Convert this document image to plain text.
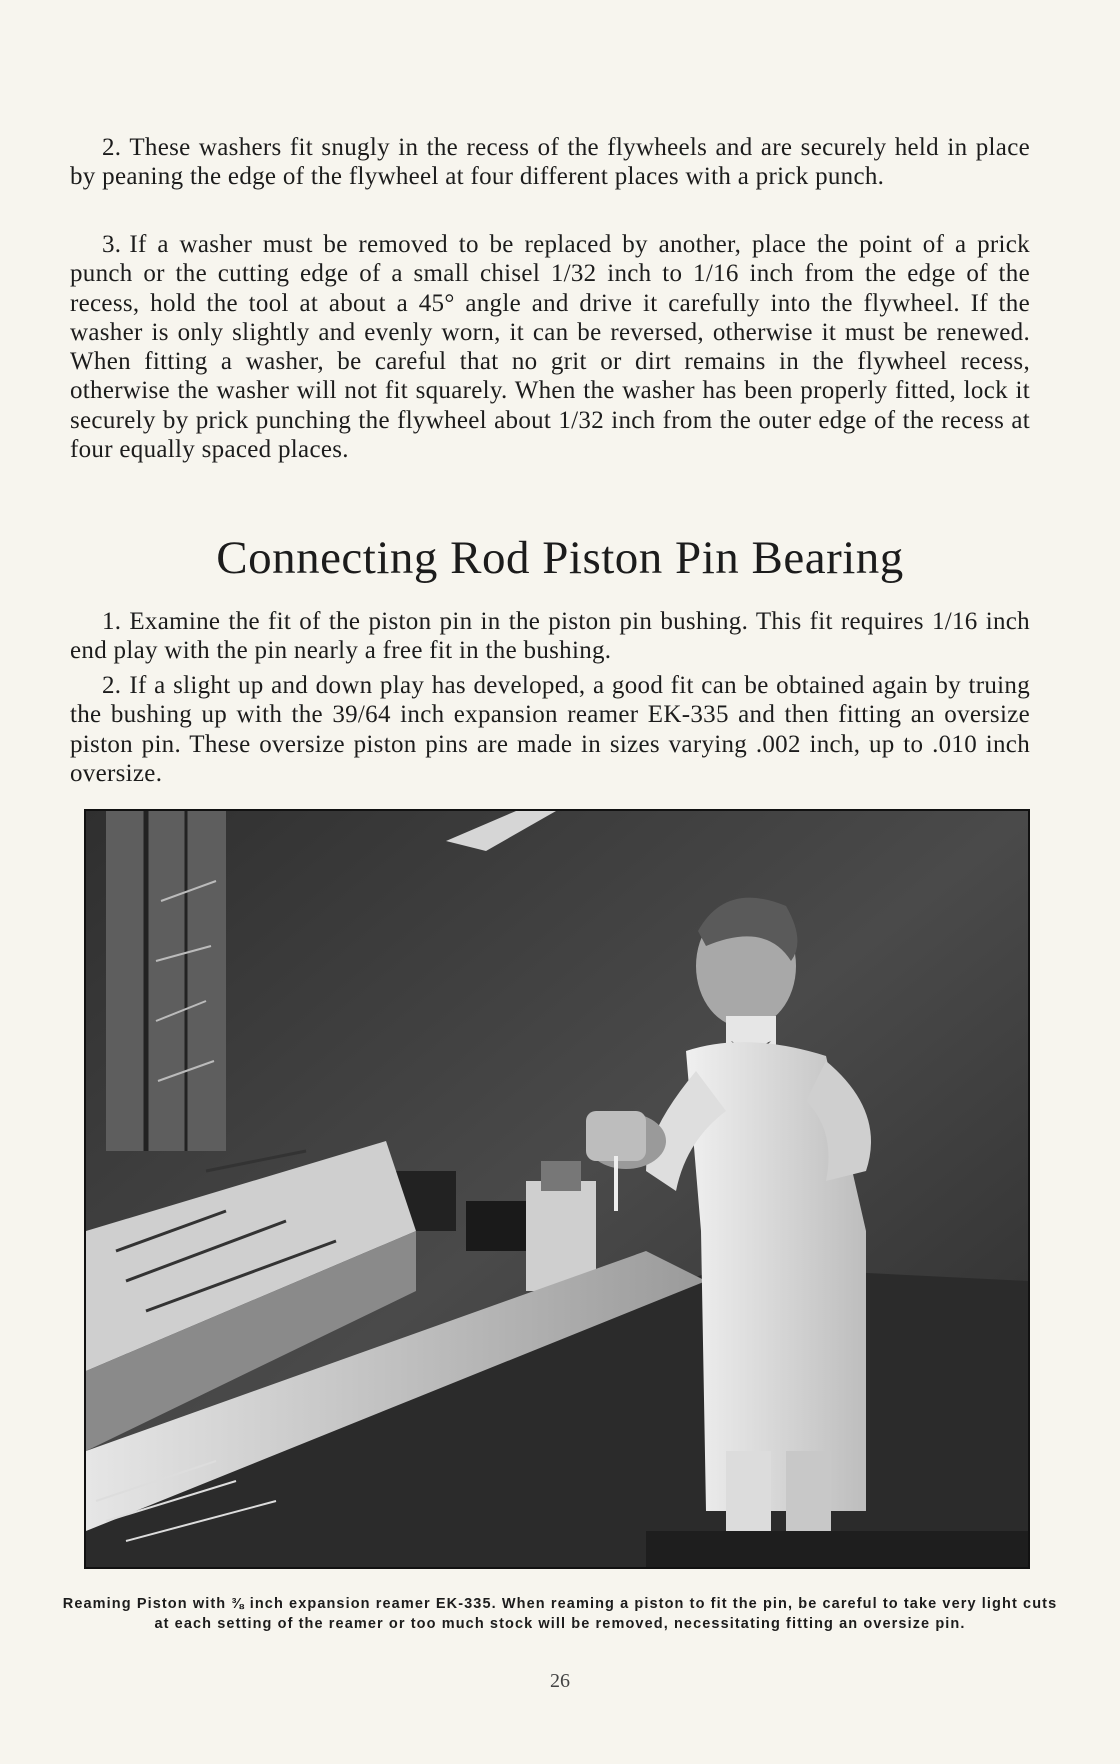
2. These washers fit snugly in the recess of the flywheels and are securely held in place by peaning the edge of the flywheel at four different places with a prick punch.

3. If a washer must be removed to be replaced by another, place the point of a prick punch or the cutting edge of a small chisel 1/32 inch to 1/16 inch from the edge of the recess, hold the tool at about a 45° angle and drive it carefully into the flywheel. If the washer is only slightly and evenly worn, it can be reversed, otherwise it must be renewed. When fitting a washer, be careful that no grit or dirt remains in the flywheel recess, otherwise the washer will not fit squarely. When the washer has been properly fitted, lock it securely by prick punching the flywheel about 1/32 inch from the outer edge of the recess at four equally spaced places.

Connecting Rod Piston Pin Bearing

1. Examine the fit of the piston pin in the piston pin bushing. This fit requires 1/16 inch end play with the pin nearly a free fit in the bushing.

2. If a slight up and down play has developed, a good fit can be obtained again by truing the bushing up with the 39/64 inch expansion reamer EK-335 and then fitting an oversize piston pin. These oversize piston pins are made in sizes varying .002 inch, up to .010 inch oversize.

Reaming Piston with ⅜ inch expansion reamer EK-335. When reaming a piston to fit the pin, be careful to take very light cuts at each setting of the reamer or too much stock will be removed, necessitating fitting an oversize pin.
26
